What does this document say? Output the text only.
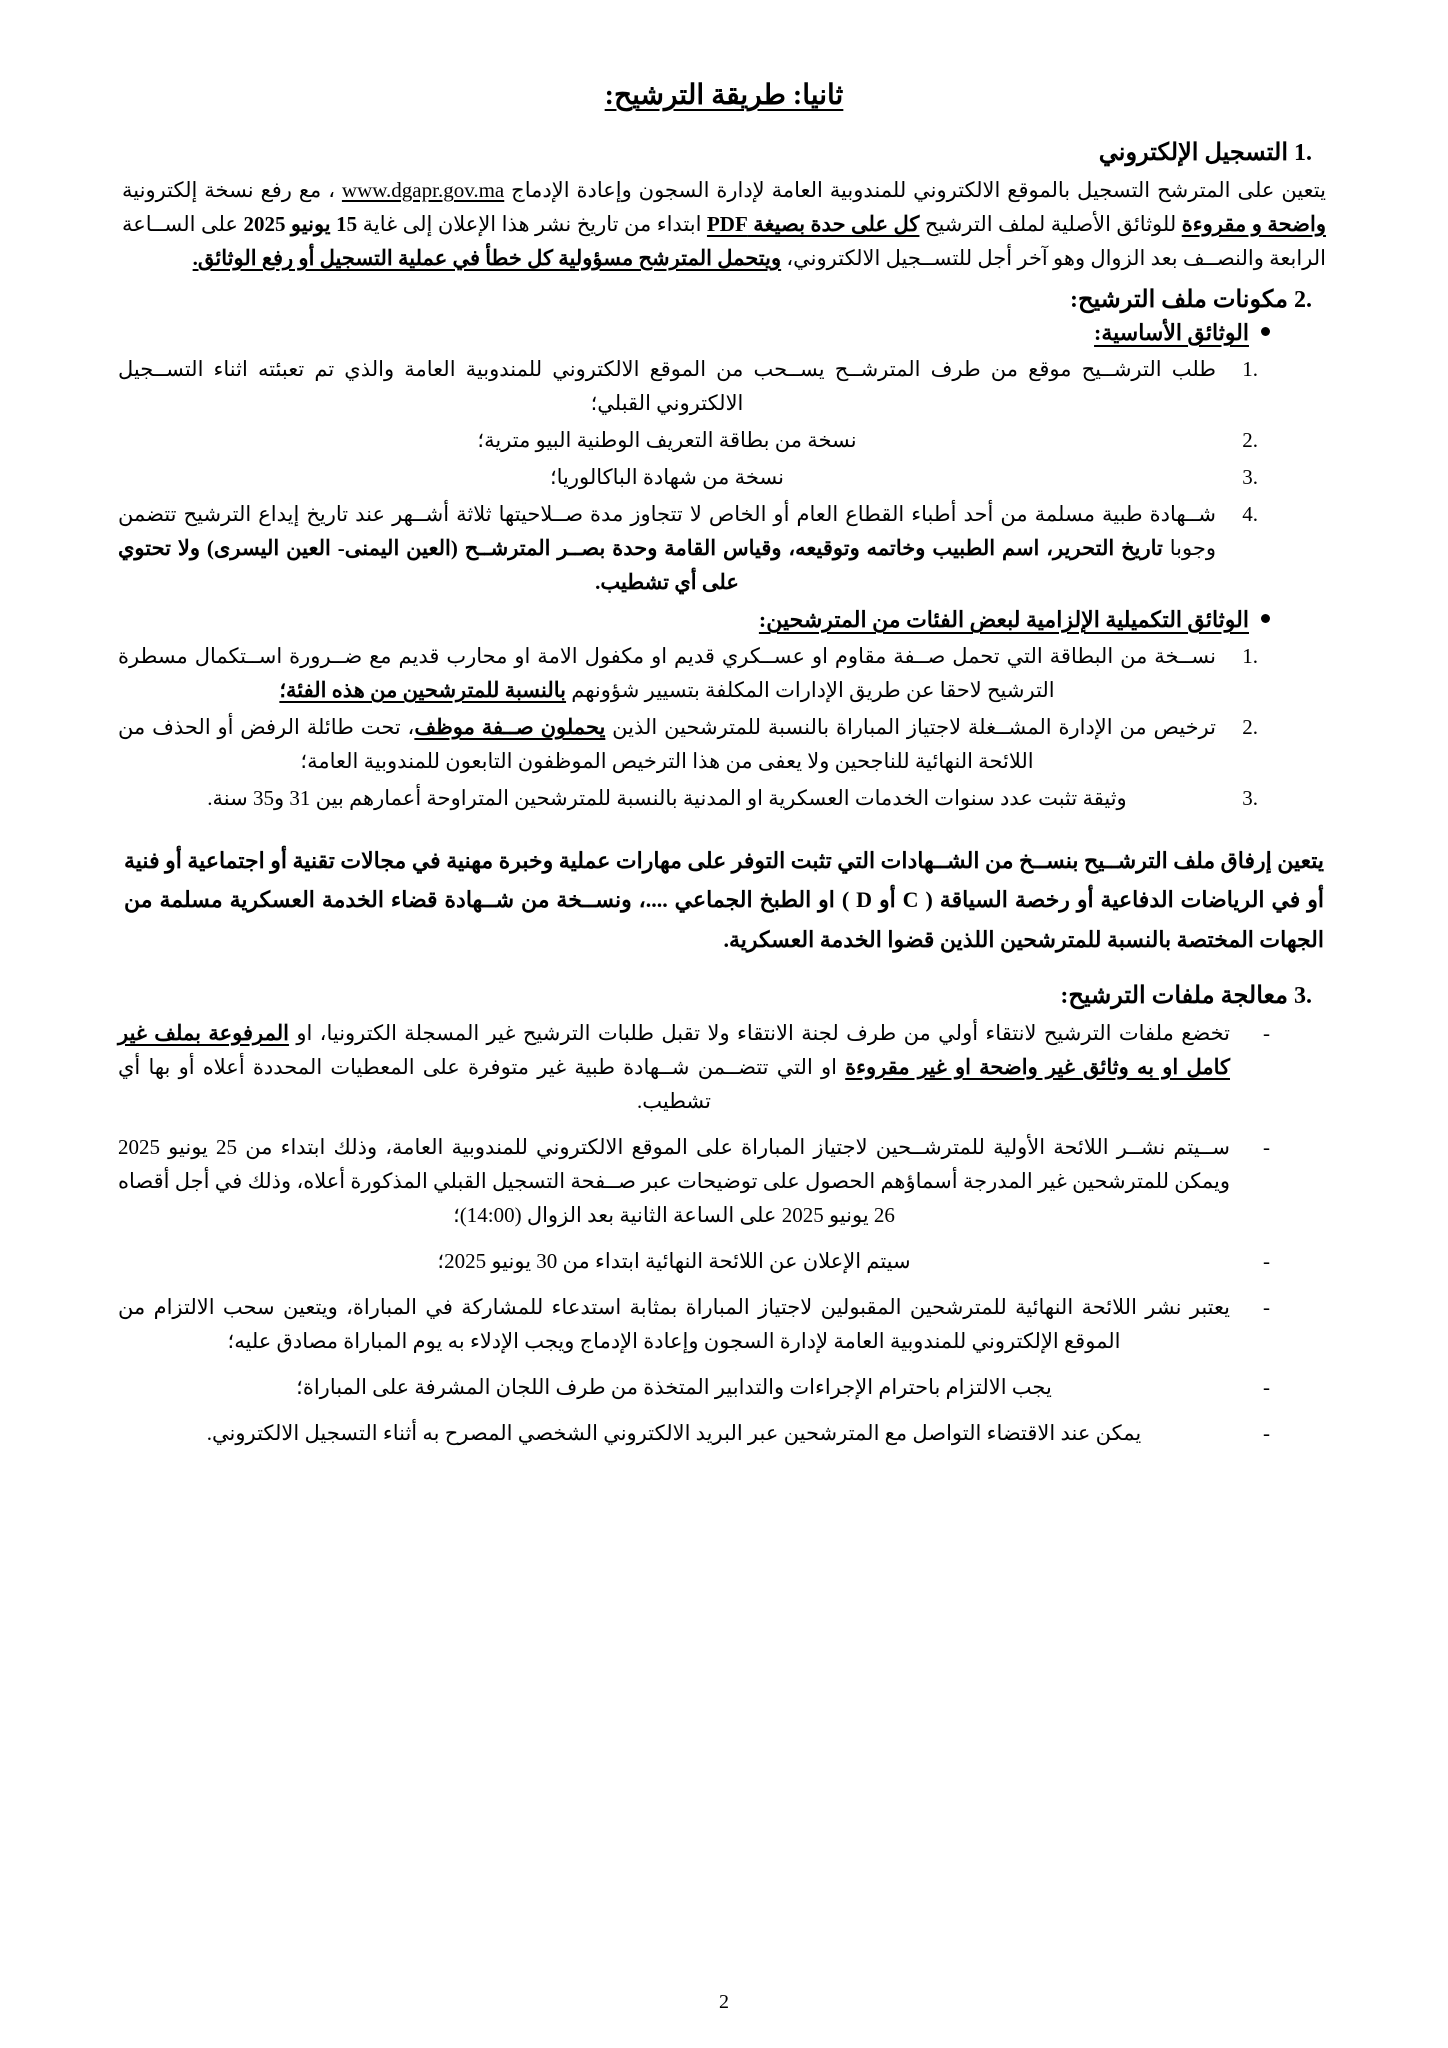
ثانيا: طريقة الترشيح:
1. التسجيل الإلكتروني

يتعين على المترشح التسجيل بالموقع الالكتروني للمندوبية العامة لإدارة السجون وإعادة الإدماج www.dgapr.gov.ma ، مع رفع نسخة إلكترونية واضحة و مقروءة للوثائق الأصلية لملف الترشيح كل على حدة بصيغة PDF ابتداء من تاريخ نشر هذا الإعلان إلى غاية 15 يونيو 2025 على الســاعة الرابعة والنصــف بعد الزوال وهو آخر أجل للتســجيل الالكتروني، ويتحمل المترشح مسؤولية كل خطأ في عملية التسجيل أو رفع الوثائق.

2. مكونات ملف الترشيح:
الوثائق الأساسية:
1.
طلب الترشــيح موقع من طرف المترشــح يســحب من الموقع الالكتروني للمندوبية العامة والذي تم تعبئته اثناء التســجيل الالكتروني القبلي؛
2.
نسخة من بطاقة التعريف الوطنية البيو مترية؛
3.
نسخة من شهادة الباكالوريا؛
4.
شــهادة طبية مسلمة من أحد أطباء القطاع العام أو الخاص لا تتجاوز مدة صــلاحيتها ثلاثة أشــهر عند تاريخ إيداع الترشيح تتضمن وجوبا تاريخ التحرير، اسم الطبيب وخاتمه وتوقيعه، وقياس القامة وحدة بصــر المترشــح (العين اليمنى- العين اليسرى) ولا تحتوي على أي تشطيب.
الوثائق التكميلية الإلزامية لبعض الفئات من المترشحين:
1.
نســخة من البطاقة التي تحمل صــفة مقاوم او عســكري قديم او مكفول الامة او محارب قديم مع ضــرورة اســتكمال مسطرة الترشيح لاحقا عن طريق الإدارات المكلفة بتسيير شؤونهم بالنسبة للمترشحين من هذه الفئة؛
2.
ترخيص من الإدارة المشــغلة لاجتياز المباراة بالنسبة للمترشحين الذين يحملون صــفة موظف، تحت طائلة الرفض أو الحذف من اللائحة النهائية للناجحين ولا يعفى من هذا الترخيص الموظفون التابعون للمندوبية العامة؛
3.
وثيقة تثبت عدد سنوات الخدمات العسكرية او المدنية بالنسبة للمترشحين المتراوحة أعمارهم بين 31 و35 سنة.

يتعين إرفاق ملف الترشــيح بنســخ من الشــهادات التي تثبت التوفر على مهارات عملية وخبرة مهنية في مجالات تقنية أو اجتماعية أو فنية أو في الرياضات الدفاعية أو رخصة السياقة ( C أو D ) او الطبخ الجماعي ....، ونســخة من شــهادة قضاء الخدمة العسكرية مسلمة من الجهات المختصة بالنسبة للمترشحين اللذين قضوا الخدمة العسكرية.

3. معالجة ملفات الترشيح:
-
تخضع ملفات الترشيح لانتقاء أولي من طرف لجنة الانتقاء ولا تقبل طلبات الترشيح غير المسجلة الكترونيا، او المرفوعة بملف غير كامل او به وثائق غير واضحة او غير مقروءة او التي تتضــمن شــهادة طبية غير متوفرة على المعطيات المحددة أعلاه أو بها أي تشطيب.
-
ســيتم نشــر اللائحة الأولية للمترشــحين لاجتياز المباراة على الموقع الالكتروني للمندوبية العامة، وذلك ابتداء من 25 يونيو 2025 ويمكن للمترشحين غير المدرجة أسماؤهم الحصول على توضيحات عبر صــفحة التسجيل القبلي المذكورة أعلاه، وذلك في أجل أقصاه 26 يونيو 2025 على الساعة الثانية بعد الزوال (14:00)؛
-
سيتم الإعلان عن اللائحة النهائية ابتداء من 30 يونيو 2025؛
-
يعتبر نشر اللائحة النهائية للمترشحين المقبولين لاجتياز المباراة بمثابة استدعاء للمشاركة في المباراة، ويتعين سحب الالتزام من الموقع الإلكتروني للمندوبية العامة لإدارة السجون وإعادة الإدماج ويجب الإدلاء به يوم المباراة مصادق عليه؛
-
يجب الالتزام باحترام الإجراءات والتدابير المتخذة من طرف اللجان المشرفة على المباراة؛
-
يمكن عند الاقتضاء التواصل مع المترشحين عبر البريد الالكتروني الشخصي المصرح به أثناء التسجيل الالكتروني.
2
